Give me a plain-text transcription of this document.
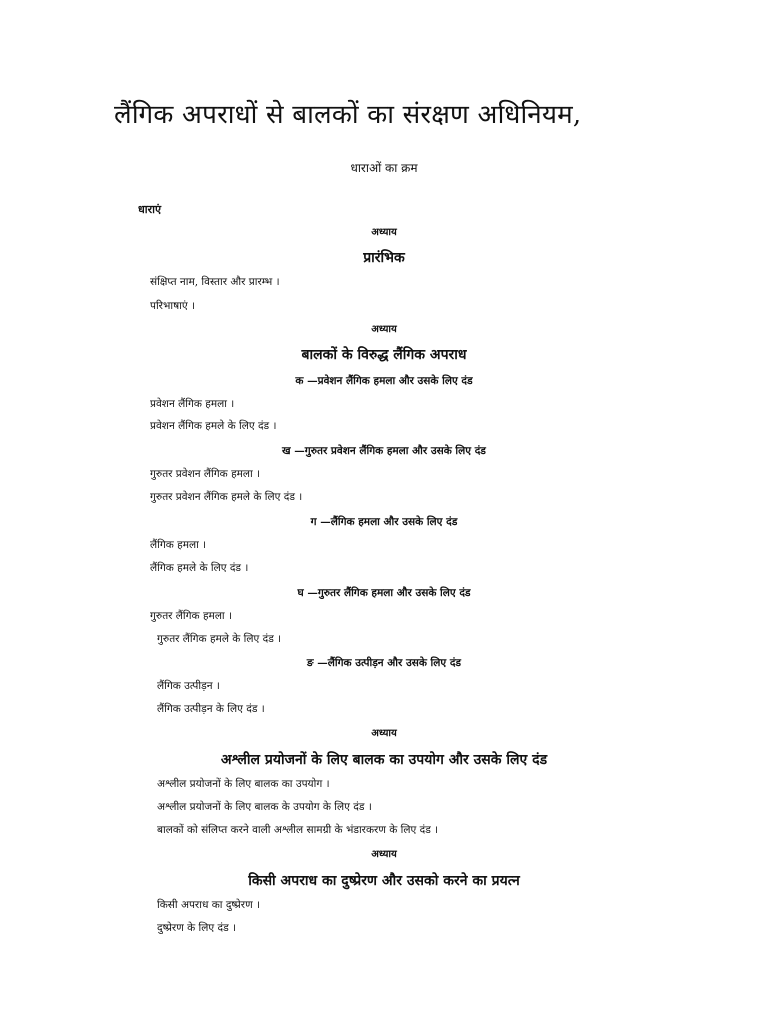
लैंगिक अपराधों से बालकों का संरक्षण अधिनियम,
धाराओं का क्रम
धाराएं
अध्याय
प्रारंभिक
संक्षिप्त नाम, विस्तार और प्रारम्भ ।
परिभाषाएं ।
अध्याय
बालकों के विरुद्ध लैंगिक अपराध
क —प्रवेशन लैंगिक हमला और उसके लिए दंड
प्रवेशन लैंगिक हमला ।
प्रवेशन लैंगिक हमले के लिए दंड ।
ख —गुरुतर प्रवेशन लैंगिक हमला और उसके लिए दंड
गुरुतर प्रवेशन लैंगिक हमला ।
गुरुतर प्रवेशन लैंगिक हमले के लिए दंड ।
ग —लैंगिक हमला और उसके लिए दंड
लैंगिक हमला ।
लैंगिक हमले के लिए दंड ।
घ —गुरुतर लैंगिक हमला और उसके लिए दंड
गुरुतर लैंगिक हमला ।
गुरुतर लैंगिक हमले के लिए दंड ।
ङ —लैंगिक उत्पीड़न और उसके लिए दंड
लैंगिक उत्पीड़न ।
लैंगिक उत्पीड़न के लिए दंड ।
अध्याय
अश्लील प्रयोजनों के लिए बालक का उपयोग और उसके लिए दंड
अश्लील प्रयोजनों के लिए बालक का उपयोग ।
अश्लील प्रयोजनों के लिए बालक के उपयोग के लिए दंड ।
बालकों को संलिप्त करने वाली अश्लील सामग्री के भंडारकरण के लिए दंड ।
अध्याय
किसी अपराध का दुष्प्रेरण और उसको करने का प्रयत्न
किसी अपराध का दुष्प्रेरण ।
दुष्प्रेरण के लिए दंड ।
